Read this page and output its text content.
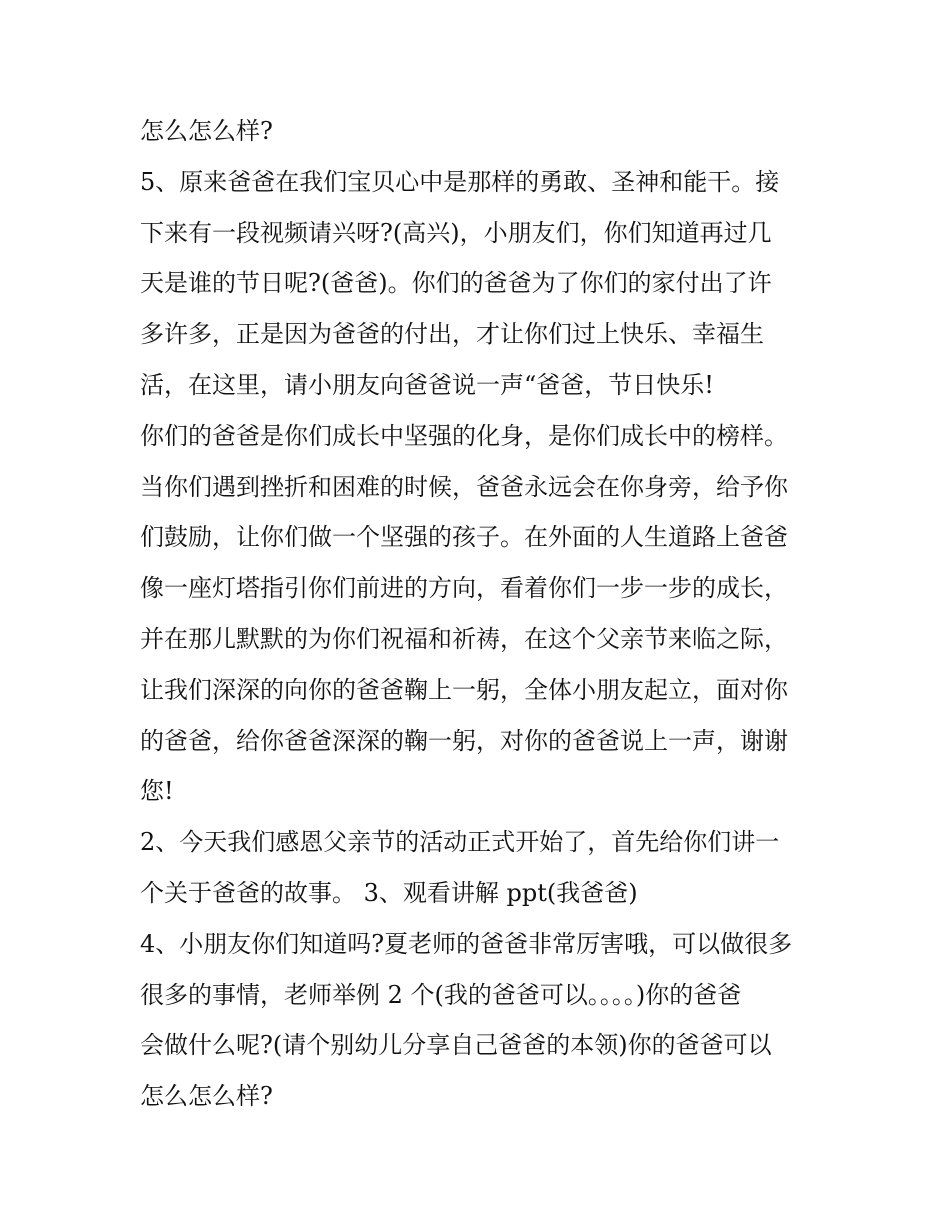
怎么怎么样?
5、原来爸爸在我们宝贝心中是那样的勇敢、圣神和能干。接
下来有一段视频请兴呀?(高兴)，小朋友们，你们知道再过几
天是谁的节日呢?(爸爸)。你们的爸爸为了你们的家付出了许
多许多，正是因为爸爸的付出，才让你们过上快乐、幸福生
活，在这里，请小朋友向爸爸说一声“爸爸，节日快乐!
你们的爸爸是你们成长中坚强的化身，是你们成长中的榜样。
当你们遇到挫折和困难的时候，爸爸永远会在你身旁，给予你
们鼓励，让你们做一个坚强的孩子。在外面的人生道路上爸爸
像一座灯塔指引你们前进的方向，看着你们一步一步的成长，
并在那儿默默的为你们祝福和祈祷，在这个父亲节来临之际，
让我们深深的向你的爸爸鞠上一躬，全体小朋友起立，面对你
的爸爸，给你爸爸深深的鞠一躬，对你的爸爸说上一声，谢谢
您!
2、今天我们感恩父亲节的活动正式开始了，首先给你们讲一
个关于爸爸的故事。 3、观看讲解 ppt(我爸爸)
4、小朋友你们知道吗?夏老师的爸爸非常厉害哦，可以做很多
很多的事情，老师举例 2 个(我的爸爸可以。。。。)你的爸爸
会做什么呢?(请个别幼儿分享自己爸爸的本领)你的爸爸可以
怎么怎么样?
